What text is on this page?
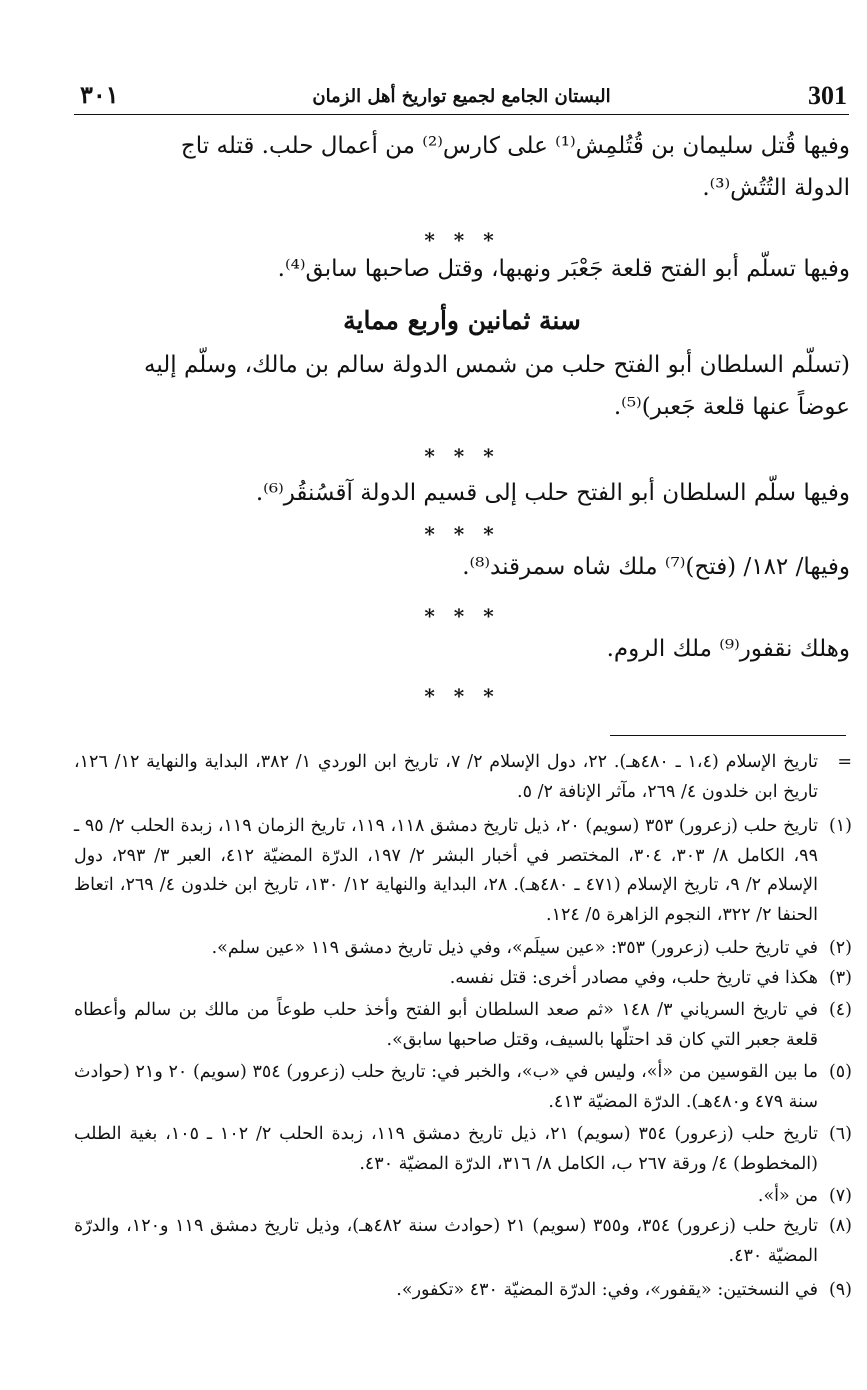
301
البستان الجامع لجميع تواريخ أهل الزمان
٣٠١

وفيها قُتل سليمان بن قُتُلمِش⁽¹⁾ على كارس⁽²⁾ من أعمال حلب. قتله تاج

الدولة التُتُش⁽³⁾.

* * *

وفيها تسلّم أبو الفتح قلعة جَعْبَر ونهبها، وقتل صاحبها سابق⁽⁴⁾.

سنة ثمانين وأربع مماية

(تسلّم السلطان أبو الفتح حلب من شمس الدولة سالم بن مالك، وسلّم إليه

عوضاً عنها قلعة جَعبر)⁽⁵⁾.

* * *

وفيها سلّم السلطان أبو الفتح حلب إلى قسيم الدولة آقسُنقُر⁽⁶⁾.

* * *

وفيها/ ١٨٢/ (فتح)⁽⁷⁾ ملك شاه سمرقند⁽⁸⁾.

* * *

وهلك نقفور⁽⁹⁾ ملك الروم.

* * *
=
تاريخ الإسلام (١،٤ ـ ٤٨٠هـ). ٢٢، دول الإسلام ٢/ ٧، تاريخ ابن الوردي ١/ ٣٨٢، البداية والنهاية ١٢/ ١٢٦، تاريخ ابن خلدون ٤/ ٢٦٩، مآثر الإنافة ٢/ ٥.
(١)
تاريخ حلب (زعرور) ٣٥٣ (سويم) ٢٠، ذيل تاريخ دمشق ١١٨، ١١٩، تاريخ الزمان ١١٩، زبدة الحلب ٢/ ٩٥ ـ ٩٩، الكامل ٨/ ٣٠٣، ٣٠٤، المختصر في أخبار البشر ٢/ ١٩٧، الدرّة المضيّة ٤١٢، العبر ٣/ ٢٩٣، دول الإسلام ٢/ ٩، تاريخ الإسلام (٤٧١ ـ ٤٨٠هـ). ٢٨، البداية والنهاية ١٢/ ١٣٠، تاريخ ابن خلدون ٤/ ٢٦٩، اتعاظ الحنفا ٢/ ٣٢٢، النجوم الزاهرة ٥/ ١٢٤.
(٢)
في تاريخ حلب (زعرور) ٣٥٣: «عين سيلَم»، وفي ذيل تاريخ دمشق ١١٩ «عين سلم».
(٣)
هكذا في تاريخ حلب، وفي مصادر أخرى: قتل نفسه.
(٤)
في تاريخ السرياني ٣/ ١٤٨ «ثم صعد السلطان أبو الفتح وأخذ حلب طوعاً من مالك بن سالم وأعطاه قلعة جعبر التي كان قد احتلّها بالسيف، وقتل صاحبها سابق».
(٥)
ما بين القوسين من «أ»، وليس في «ب»، والخبر في: تاريخ حلب (زعرور) ٣٥٤ (سويم) ٢٠ و٢١ (حوادث سنة ٤٧٩ و٤٨٠هـ). الدرّة المضيّة ٤١٣.
(٦)
تاريخ حلب (زعرور) ٣٥٤ (سويم) ٢١، ذيل تاريخ دمشق ١١٩، زبدة الحلب ٢/ ١٠٢ ـ ١٠٥، بغية الطلب (المخطوط) ٤/ ورقة ٢٦٧ ب، الكامل ٨/ ٣١٦، الدرّة المضيّة ٤٣٠.
(٧)
من «أ».
(٨)
تاريخ حلب (زعرور) ٣٥٤، و٣٥٥ (سويم) ٢١ (حوادث سنة ٤٨٢هـ)، وذيل تاريخ دمشق ١١٩ و١٢٠، والدرّة المضيّة ٤٣٠.
(٩)
في النسختين: «يقفور»، وفي: الدرّة المضيّة ٤٣٠ «تكفور».
